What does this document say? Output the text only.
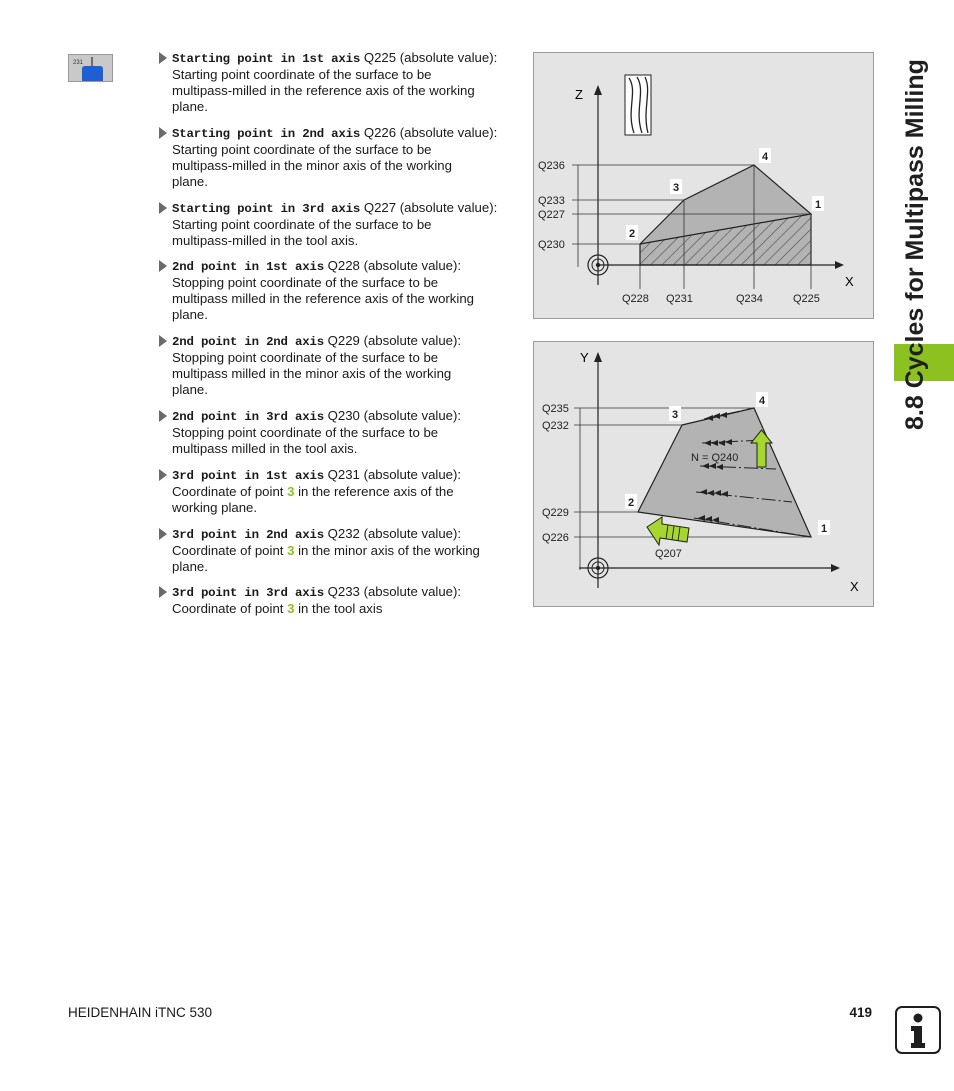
231	Starting point in 1st axis Q225 (absolute value):
Starting point coordinate of the surface to be
multipass-milled in the reference axis of the working
plane.
Starting point in 2nd axis Q226 (absolute value):
Starting point coordinate of the surface to be
multipass-milled in the minor axis of the working
plane.
Starting point in 3rd axis Q227 (absolute value):
Starting point coordinate of the surface to be
multipass-milled in the tool axis.
2nd point in 1st axis Q228 (absolute value):
Stopping point coordinate of the surface to be
multipass milled in the reference axis of the working
plane.
2nd point in 2nd axis Q229 (absolute value):
Stopping point coordinate of the surface to be
multipass milled in the minor axis of the working
plane.
2nd point in 3rd axis Q230 (absolute value):
Stopping point coordinate of the surface to be
multipass milled in the tool axis.
3rd point in 1st axis Q231 (absolute value):
Coordinate of point 3 in the reference axis of the
working plane.
3rd point in 2nd axis Q232 (absolute value):
Coordinate of point 3 in the minor axis of the working
plane.
3rd point in 3rd axis Q233 (absolute value):
Coordinate of point 3 in the tool axis
Z
X
Q236
Q233
Q227
Q230
Q228 Q231	Q234	Q225
1
2
3
4
Y
X
Q235
Q232
Q229
Q226
N = Q240
Q207
1
2
3
4	8.8 Cycles for Multipass Milling
HEIDENHAIN iTNC 530	419
